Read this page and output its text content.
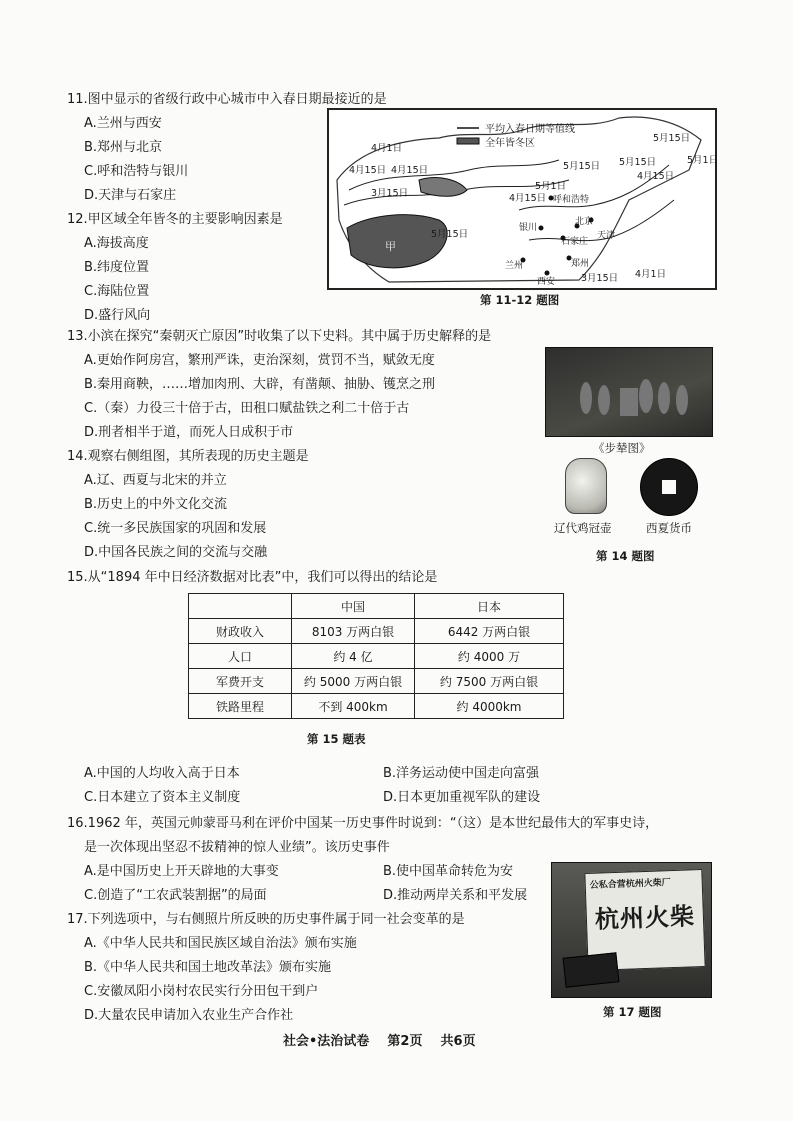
11.图中显示的省级行政中心城市中入春日期最接近的是
A.兰州与西安
B.郑州与北京
C.呼和浩特与银川
D.天津与石家庄
12.甲区域全年皆冬的主要影响因素是
A.海拔高度
B.纬度位置
C.海陆位置
D.盛行风向
平均入春日期等值线
全年皆冬区
4月1日
4月15日 4月15日
3月15日
5月15日
4月15日
5月15日
5月1日
5月15日
5月1日
4月15日
5月15日
呼和浩特
银川
北京
天津
石家庄
兰州	郑州
西安	3月15日 4月1日
甲
第 11-12 题图
13.小滨在探究“秦朝灭亡原因”时收集了以下史料。其中属于历史解释的是
A.更始作阿房宫，繁刑严诛，吏治深刻，赏罚不当，赋敛无度
B.秦用商鞅，……增加肉刑、大辟，有凿颠、抽胁、镬烹之刑
C.（秦）力役三十倍于古，田租口赋盐铁之利二十倍于古
D.刑者相半于道，而死人日成积于市
14.观察右侧组图，其所表现的历史主题是
A.辽、西夏与北宋的并立
B.历史上的中外文化交流
C.统一多民族国家的巩固和发展
D.中国各民族之间的交流与交融
《步辇图》
辽代鸡冠壶	西夏货币
第 14 题图
15.从“1894 年中日经济数据对比表”中，我们可以得出的结论是
	中国	日本
财政收入	8103 万两白银	6442 万两白银
人口	约 4 亿	约 4000 万
军费开支	约 5000 万两白银	约 7500 万两白银
铁路里程	不到 400km	约 4000km
第 15 题表
A.中国的人均收入高于日本	B.洋务运动使中国走向富强
C.日本建立了资本主义制度	D.日本更加重视军队的建设
16.1962 年，英国元帅蒙哥马利在评价中国某一历史事件时说到：“（这）是本世纪最伟大的军事史诗，
是一次体现出坚忍不拔精神的惊人业绩”。该历史事件
A.是中国历史上开天辟地的大事变	B.使中国革命转危为安
C.创造了“工农武装割据”的局面	D.推动两岸关系和平发展
17.下列选项中，与右侧照片所反映的历史事件属于同一社会变革的是
A.《中华人民共和国民族区域自治法》颁布实施
B.《中华人民共和国土地改革法》颁布实施
C.安徽凤阳小岗村农民实行分田包干到户
D.大量农民申请加入农业生产合作社
公私合营杭州火柴厂
杭州火柴
第 17 题图
社会•法治试卷    第2页    共6页
